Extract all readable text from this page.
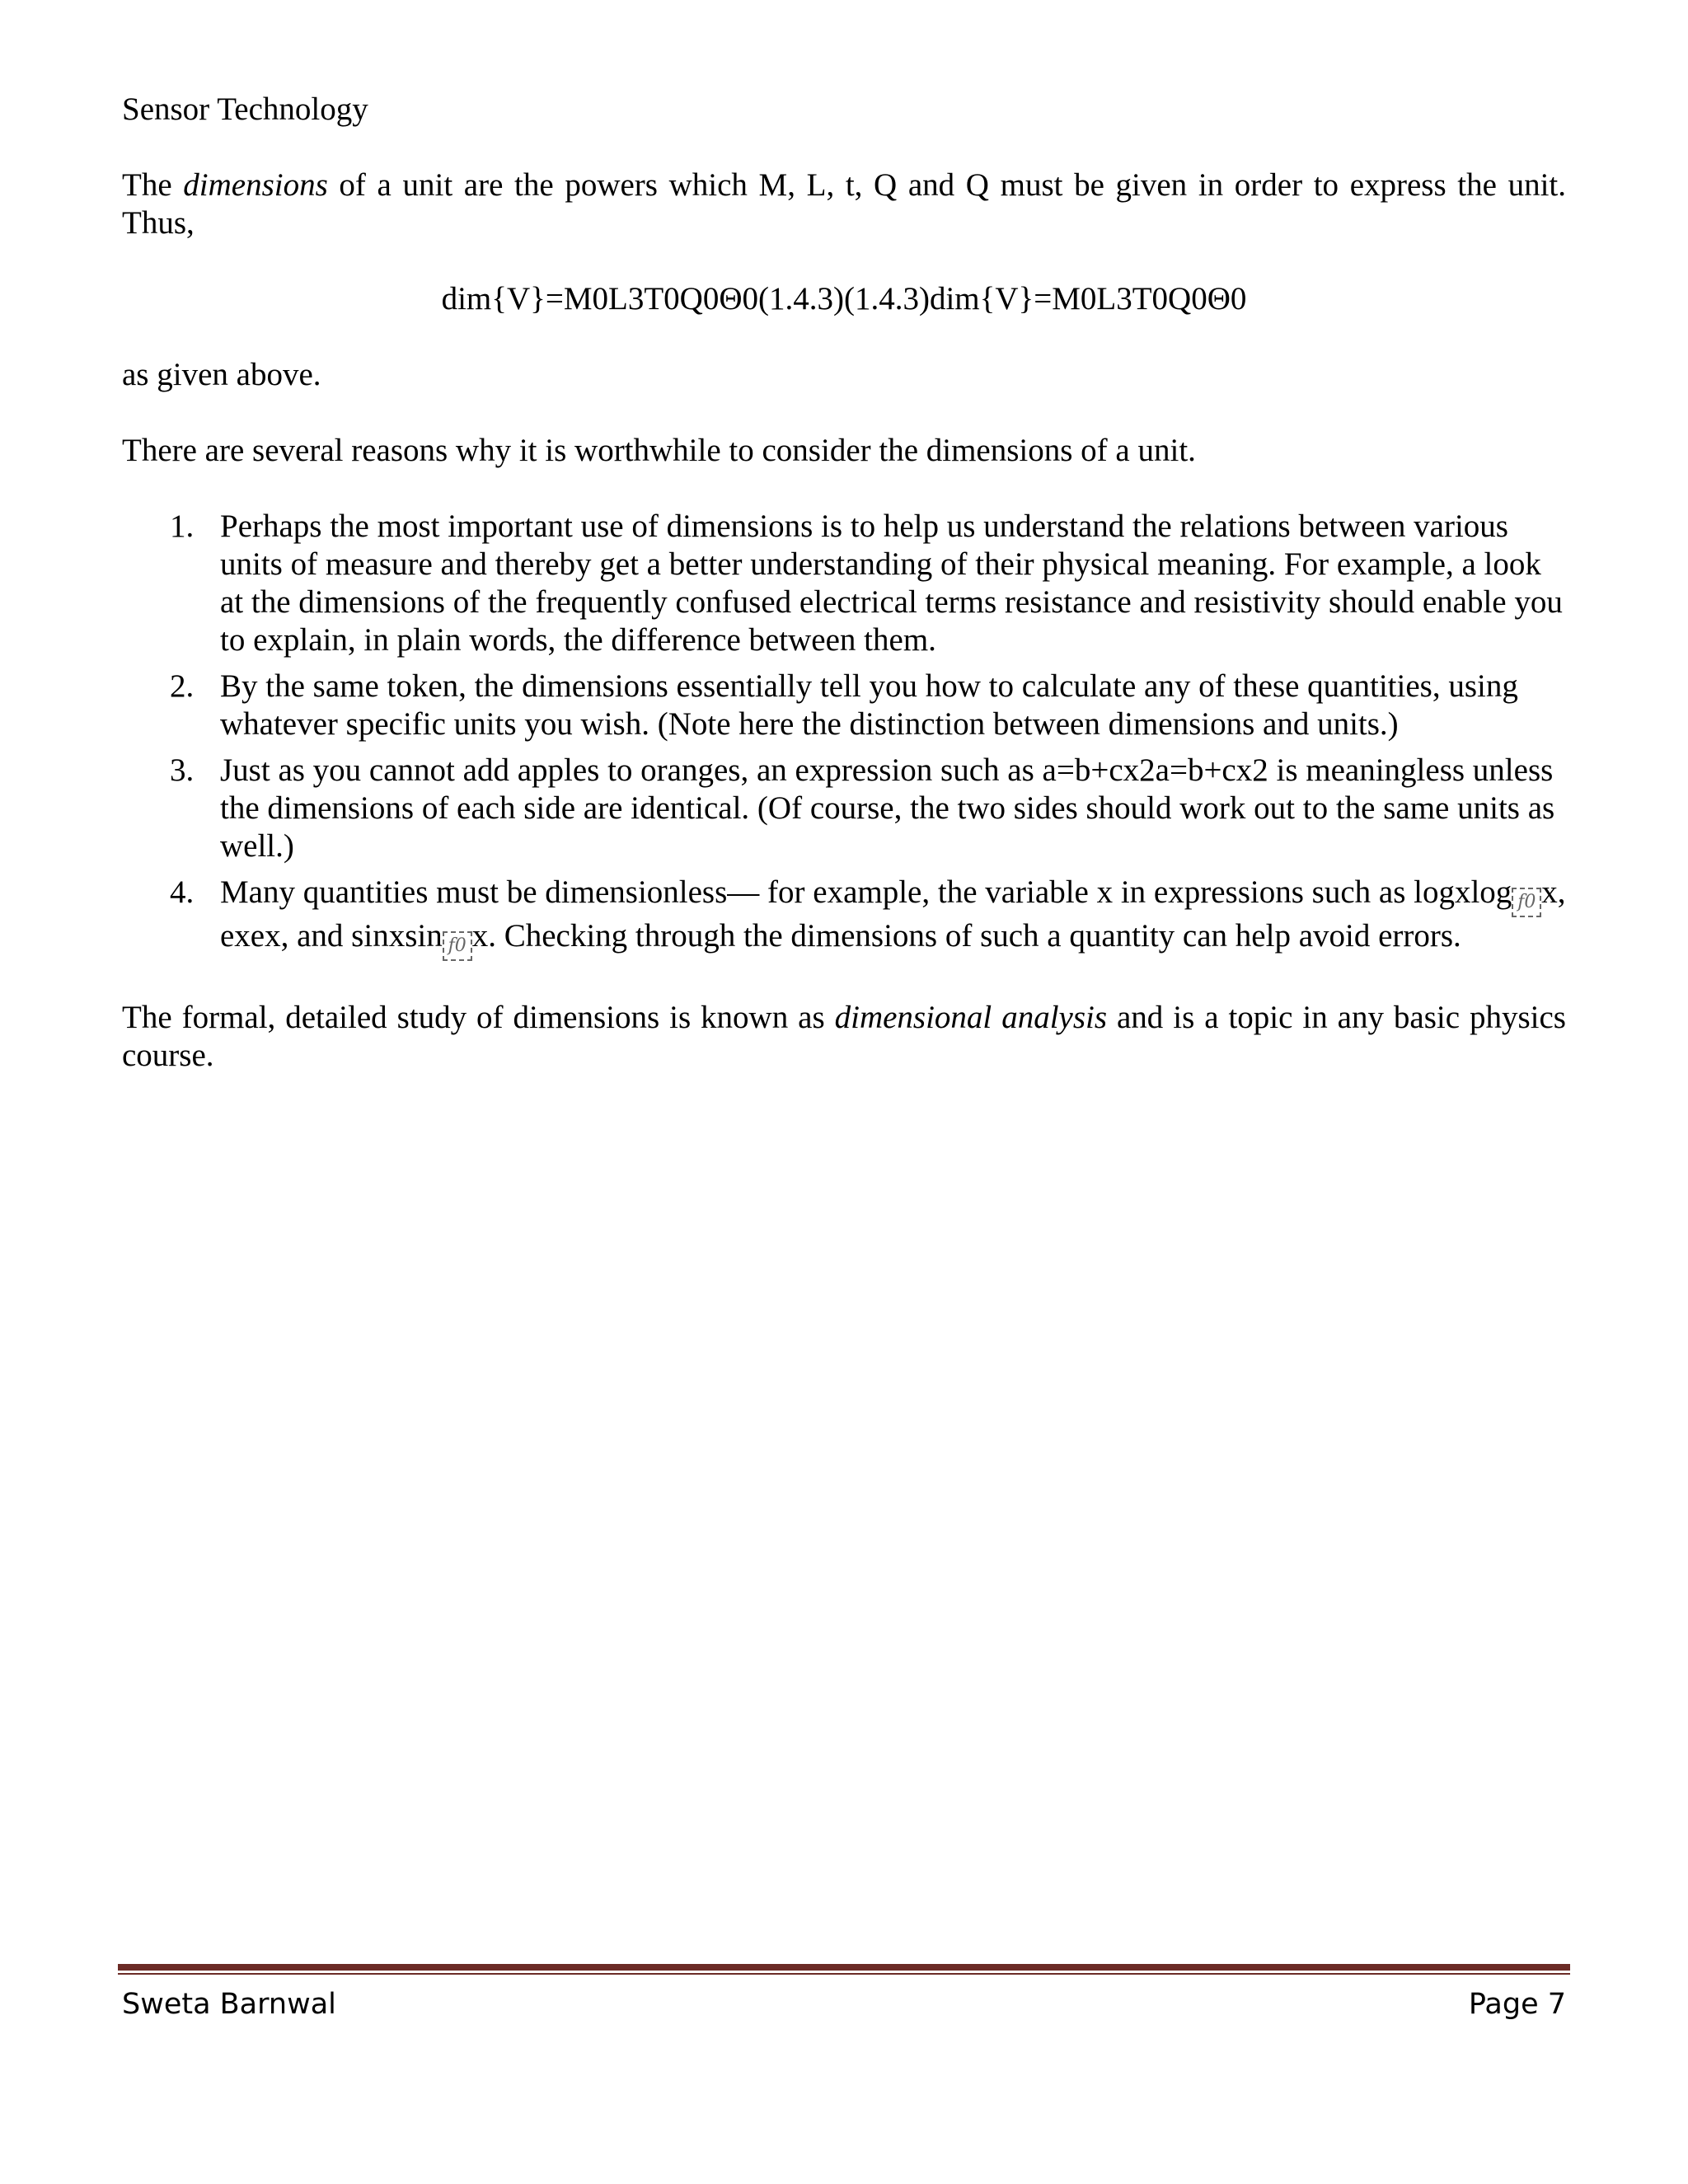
Sensor Technology

The dimensions of a unit are the powers which M, L, t, Q and Q must be given in order to express the unit. Thus,

dim{V}=M0L3T0Q0Θ0(1.4.3)(1.4.3)dim{V}=M0L3T0Q0Θ0

as given above.

There are several reasons why it is worthwhile to consider the dimensions of a unit.

1. Perhaps the most important use of dimensions is to help us understand the relations between various units of measure and thereby get a better understanding of their physical meaning. For example, a look at the dimensions of the frequently confused electrical terms resistance and resistivity should enable you to explain, in plain words, the difference between them.
2. By the same token, the dimensions essentially tell you how to calculate any of these quantities, using whatever specific units you wish. (Note here the distinction between dimensions and units.)
3. Just as you cannot add apples to oranges, an expression such as a=b+cx2a=b+cx2 is meaningless unless the dimensions of each side are identical. (Of course, the two sides should work out to the same units as well.)
4. Many quantities must be dimensionless— for example, the variable x in expressions such as logxlog f0 x, exex, and sinxsin f0 x. Checking through the dimensions of such a quantity can help avoid errors.

The formal, detailed study of dimensions is known as dimensional analysis and is a topic in any basic physics course.

Sweta Barnwal	Page 7
